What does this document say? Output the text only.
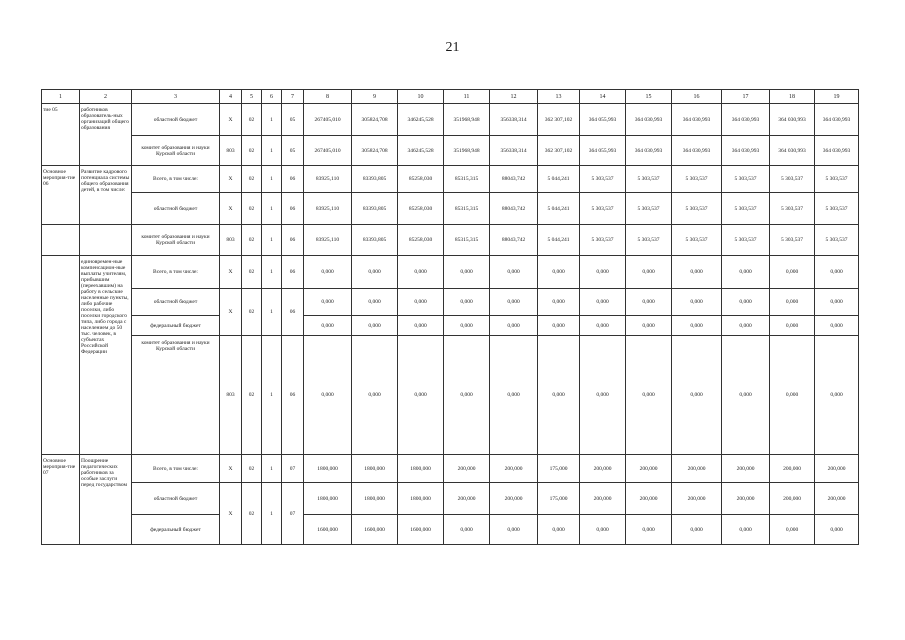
21
1	2	3	4	5	6	7	8	9	10	11	12	13	14	15	16	17	18	19
тие 05	работников образователь-ных организаций общего образования	областной бюджет	X	02	1	05	267405,010	305824,708	346245,528	351968,948	356338,314	362 307,102	364 055,993	364 030,993	364 030,993	364 030,993	364 030,993	364 030,993
		комитет образования и науки Курской области	803	02	1	05	267405,010	305824,708	346245,528	351968,948	356338,314	362 307,102	364 055,993	364 030,993	364 030,993	364 030,993	364 030,993	364 030,993
Основное мероприя-тие 06	Развитие кадрового потенциала системы общего образования детей, в том числе:	Всего, в том числе:	X	02	1	06	83925,110	83393,805	85258,030	85315,315	88043,742	5 044,241	5 303,537	5 303,537	5 303,537	5 303,537	5 303,537	5 303,537
		областной бюджет	X	02	1	06	83925,110	83393,805	85258,030	85315,315	88043,742	5 044,241	5 303,537	5 303,537	5 303,537	5 303,537	5 303,537	5 303,537
		комитет образования и науки Курской области	803	02	1	06	83925,110	83393,805	85258,030	85315,315	88043,742	5 044,241	5 303,537	5 303,537	5 303,537	5 303,537	5 303,537	5 303,537
	единовремен-ные компенсацион-ные выплаты учителям, прибывшим (переехавшим) на работу в сельские населенные пункты, либо рабочие поселки, либо поселки городского типа, либо города с населением до 50 тыс. человек, в субъектах Российской Федерации	Всего, в том числе:	X	02	1	06	0,000	0,000	0,000	0,000	0,000	0,000	0,000	0,000	0,000	0,000	0,000	0,000
		областной бюджет	X	02	1	06	0,000	0,000	0,000	0,000	0,000	0,000	0,000	0,000	0,000	0,000	0,000	0,000
		федеральный бюджет					0,000	0,000	0,000	0,000	0,000	0,000	0,000	0,000	0,000	0,000	0,000	0,000
		комитет образования и науки Курской области	803	02	1	06	0,000	0,000	0,000	0,000	0,000	0,000	0,000	0,000	0,000	0,000	0,000	0,000
Основное мероприя-тие 07	Поощрение педагогических работников за особые заслуги перед государством	Всего, в том числе:	X	02	1	07	1800,000	1800,000	1800,000	200,000	200,000	175,000	200,000	200,000	200,000	200,000	200,000	200,000
		областной бюджет	X	02	1	07	1800,000	1800,000	1800,000	200,000	200,000	175,000	200,000	200,000	200,000	200,000	200,000	200,000
		федеральный бюджет					1600,000	1600,000	1600,000	0,000	0,000	0,000	0,000	0,000	0,000	0,000	0,000	0,000
